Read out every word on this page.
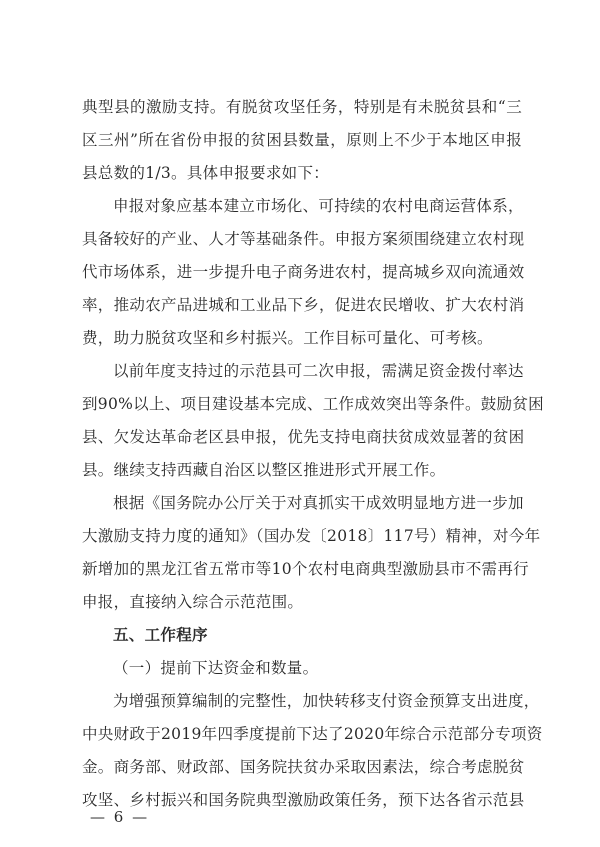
典型县的激励支持。有脱贫攻坚任务，特别是有未脱贫县和“三
区三州”所在省份申报的贫困县数量，原则上不少于本地区申报
县总数的1/3。具体申报要求如下：
申报对象应基本建立市场化、可持续的农村电商运营体系，
具备较好的产业、人才等基础条件。申报方案须围绕建立农村现
代市场体系，进一步提升电子商务进农村，提高城乡双向流通效
率，推动农产品进城和工业品下乡，促进农民增收、扩大农村消
费，助力脱贫攻坚和乡村振兴。工作目标可量化、可考核。
以前年度支持过的示范县可二次申报，需满足资金拨付率达
到90%以上、项目建设基本完成、工作成效突出等条件。鼓励贫困
县、欠发达革命老区县申报，优先支持电商扶贫成效显著的贫困
县。继续支持西藏自治区以整区推进形式开展工作。
根据《国务院办公厅关于对真抓实干成效明显地方进一步加
大激励支持力度的通知》（国办发〔2018〕117号）精神，对今年
新增加的黑龙江省五常市等10个农村电商典型激励县市不需再行
申报，直接纳入综合示范范围。
五、工作程序
（一）提前下达资金和数量。
为增强预算编制的完整性，加快转移支付资金预算支出进度，
中央财政于2019年四季度提前下达了2020年综合示范部分专项资
金。商务部、财政部、国务院扶贫办采取因素法，综合考虑脱贫
攻坚、乡村振兴和国务院典型激励政策任务，预下达各省示范县
— 6 —
